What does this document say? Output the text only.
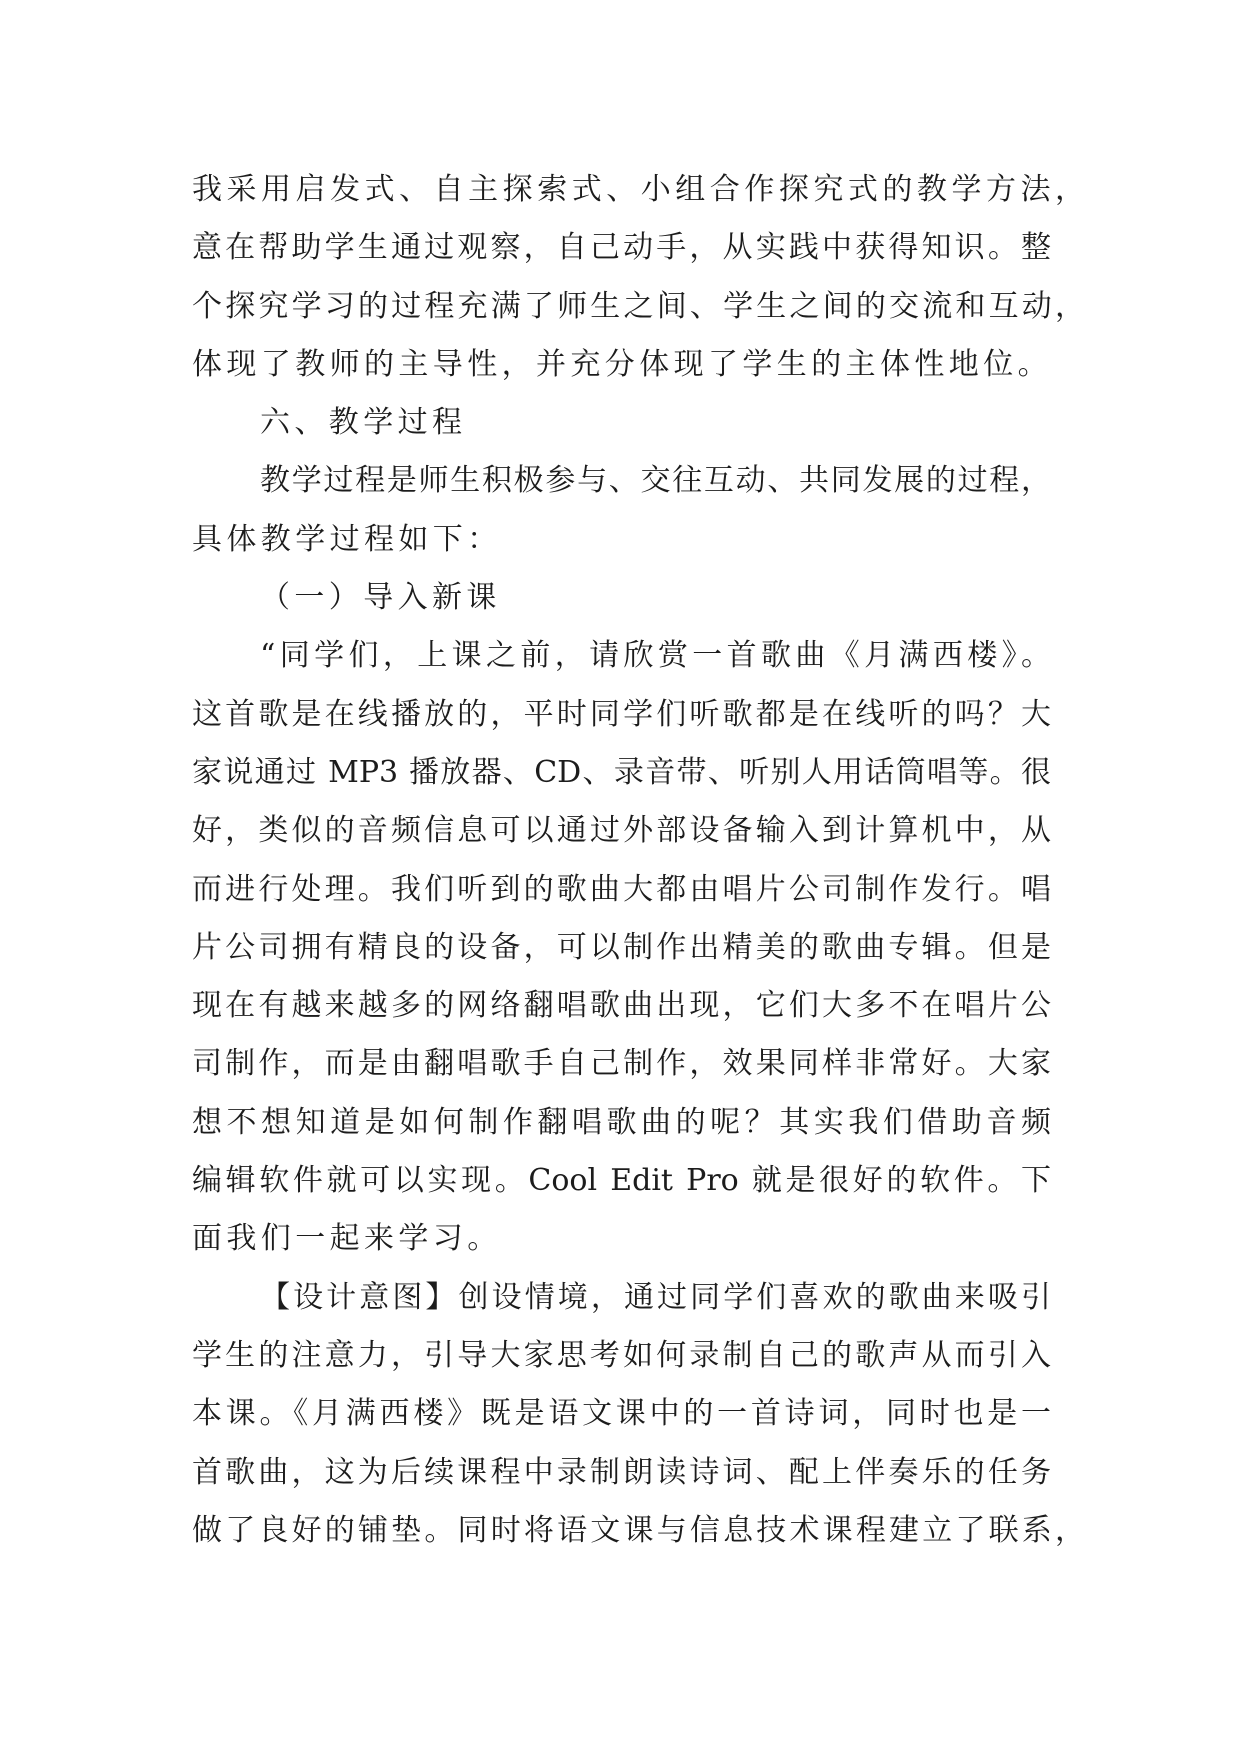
我采用启发式、自主探索式、小组合作探究式的教学方法，
意在帮助学生通过观察，自己动手，从实践中获得知识。整
个探究学习的过程充满了师生之间、学生之间的交流和互动，
体现了教师的主导性，并充分体现了学生的主体性地位。
六、教学过程
教学过程是师生积极参与、交往互动、共同发展的过程，
具体教学过程如下：
（一）导入新课
“同学们，上课之前，请欣赏一首歌曲《月满西楼》。
这首歌是在线播放的，平时同学们听歌都是在线听的吗？大
家说通过 MP3 播放器、CD、录音带、听别人用话筒唱等。很
好，类似的音频信息可以通过外部设备输入到计算机中，从
而进行处理。我们听到的歌曲大都由唱片公司制作发行。唱
片公司拥有精良的设备，可以制作出精美的歌曲专辑。但是
现在有越来越多的网络翻唱歌曲出现，它们大多不在唱片公
司制作，而是由翻唱歌手自己制作，效果同样非常好。大家
想不想知道是如何制作翻唱歌曲的呢？其实我们借助音频
编辑软件就可以实现。Cool Edit Pro 就是很好的软件。下
面我们一起来学习。
【设计意图】创设情境，通过同学们喜欢的歌曲来吸引
学生的注意力，引导大家思考如何录制自己的歌声从而引入
本课。《月满西楼》既是语文课中的一首诗词，同时也是一
首歌曲，这为后续课程中录制朗读诗词、配上伴奏乐的任务
做了良好的铺垫。同时将语文课与信息技术课程建立了联系，
